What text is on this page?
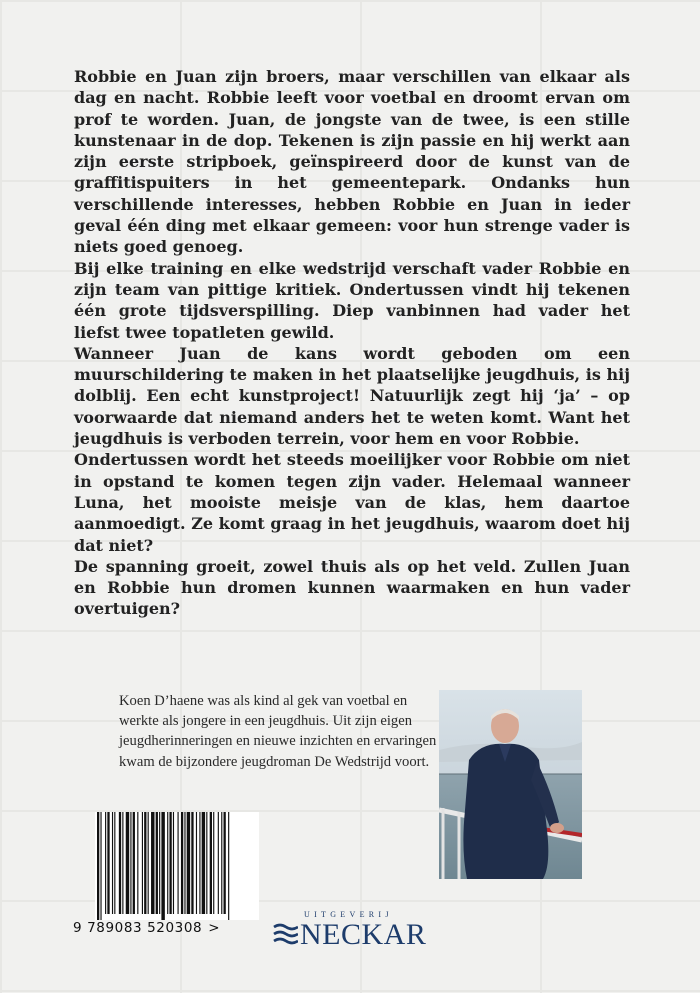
Robbie en Juan zijn broers, maar verschillen van elkaar als dag en nacht. Robbie leeft voor voetbal en droomt ervan om prof te worden. Juan, de jongste van de twee, is een stille kunstenaar in de dop. Tekenen is zijn passie en hij werkt aan zijn eerste stripboek, geïnspireerd door de kunst van de graffitispuiters in het gemeentepark. Ondanks hun verschillende interesses, hebben Robbie en Juan in ieder geval één ding met elkaar gemeen: voor hun strenge vader is niets goed genoeg.

Bij elke training en elke wedstrijd verschaft vader Robbie en zijn team van pittige kritiek. Ondertussen vindt hij tekenen één grote tijdsverspilling. Diep vanbinnen had vader het liefst twee topatleten gewild.

Wanneer Juan de kans wordt geboden om een muurschildering te maken in het plaatselijke jeugdhuis, is hij dolblij. Een echt kunstproject! Natuurlijk zegt hij ‘ja’ – op voorwaarde dat niemand anders het te weten komt. Want het jeugdhuis is verboden terrein, voor hem en voor Robbie.

Ondertussen wordt het steeds moeilijker voor Robbie om niet in opstand te komen tegen zijn vader. Helemaal wanneer Luna, het mooiste meisje van de klas, hem daartoe aanmoedigt. Ze komt graag in het jeugdhuis, waarom doet hij dat niet?

De spanning groeit, zowel thuis als op het veld. Zullen Juan en Robbie hun dromen kunnen waarmaken en hun vader overtuigen?

Koen D’haene was als kind al gek van voetbal en werkte als jongere in een jeugdhuis. Uit zijn eigen jeugdherinneringen en nieuwe inzichten en ervaringen kwam de bijzondere jeugdroman De Wedstrijd voort.
9 789083 520308 >
UITGEVERIJ
NECKAR
